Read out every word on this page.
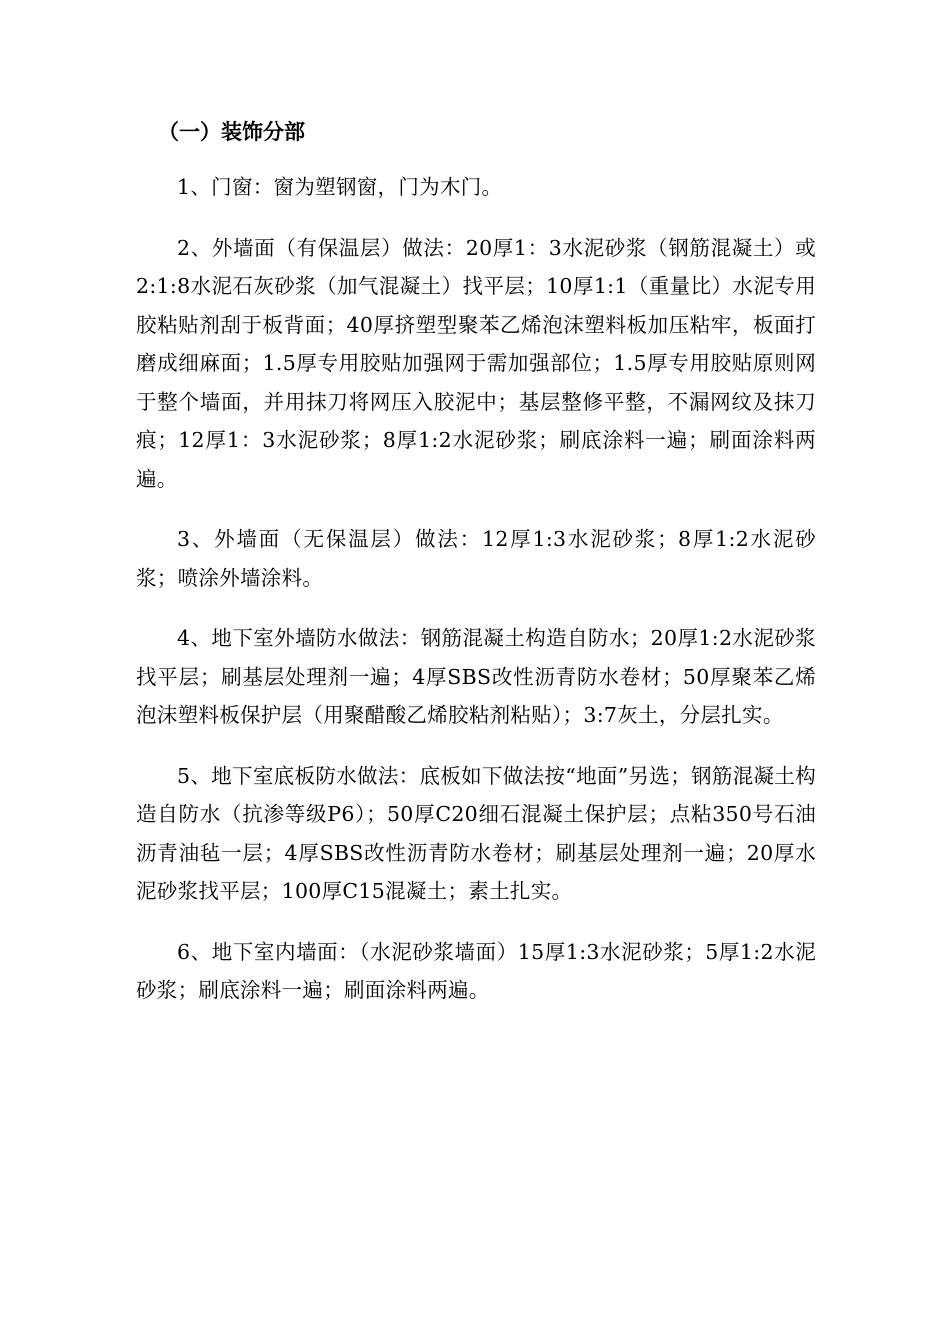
（一）装饰分部

1、门窗：窗为塑钢窗，门为木门。

2、外墙面（有保温层）做法：20厚1：3水泥砂浆（钢筋混凝土）或2:1:8水泥石灰砂浆（加气混凝土）找平层；10厚1:1（重量比）水泥专用胶粘贴剂刮于板背面；40厚挤塑型聚苯乙烯泡沫塑料板加压粘牢，板面打磨成细麻面；1.5厚专用胶贴加强网于需加强部位；1.5厚专用胶贴原则网于整个墙面，并用抹刀将网压入胶泥中；基层整修平整，不漏网纹及抹刀痕；12厚1：3水泥砂浆；8厚1:2水泥砂浆；刷底涂料一遍；刷面涂料两遍。

3、外墙面（无保温层）做法：12厚1:3水泥砂浆；8厚1:2水泥砂浆；喷涂外墙涂料。

4、地下室外墙防水做法：钢筋混凝土构造自防水；20厚1:2水泥砂浆找平层；刷基层处理剂一遍；4厚SBS改性沥青防水卷材；50厚聚苯乙烯泡沫塑料板保护层（用聚醋酸乙烯胶粘剂粘贴）；3:7灰土，分层扎实。

5、地下室底板防水做法：底板如下做法按“地面”另选；钢筋混凝土构造自防水（抗渗等级P6）；50厚C20细石混凝土保护层；点粘350号石油沥青油毡一层；4厚SBS改性沥青防水卷材；刷基层处理剂一遍；20厚水泥砂浆找平层；100厚C15混凝土；素土扎实。

6、地下室内墙面：（水泥砂浆墙面）15厚1:3水泥砂浆；5厚1:2水泥砂浆；刷底涂料一遍；刷面涂料两遍。
